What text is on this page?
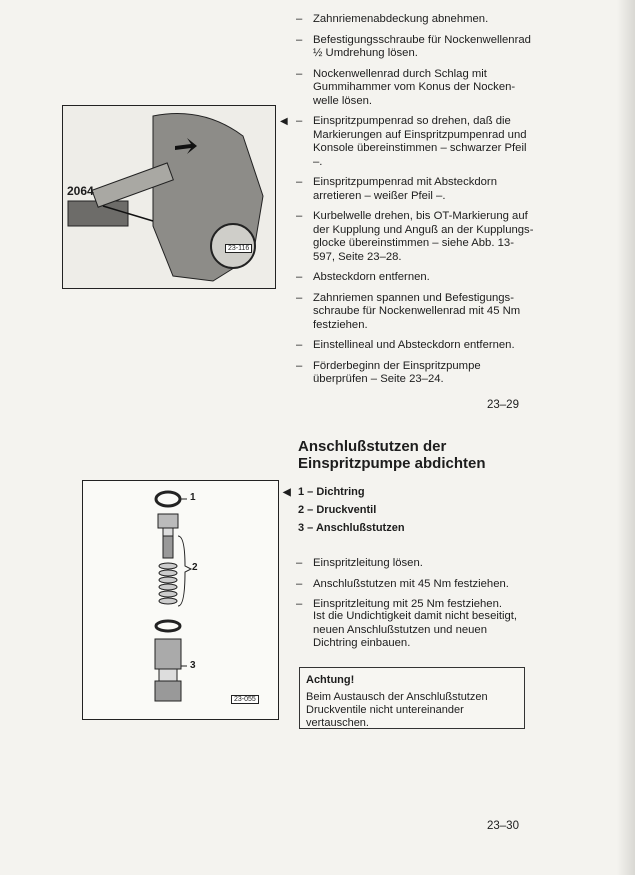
2064
23-116
– Zahnriemenabdeckung abnehmen.
– Befestigungsschraube für Nockenwellenrad ½ Umdrehung lösen.
– Nockenwellenrad durch Schlag mit Gummihammer vom Konus der Nocken-welle lösen.
◀ – Einspritzpumpenrad so drehen, daß die Markierungen auf Einspritzpumpenrad und Konsole übereinstimmen – schwarzer Pfeil –.
– Einspritzpumpenrad mit Absteckdorn arretieren – weißer Pfeil –.
– Kurbelwelle drehen, bis OT-Markierung auf der Kupplung und Anguß an der Kupplungs-glocke übereinstimmen – siehe Abb. 13-597, Seite 23–28.
– Absteckdorn entfernen.
– Zahnriemen spannen und Befestigungs-schraube für Nockenwellenrad mit 45 Nm festziehen.
– Einstellineal und Absteckdorn entfernen.
– Förderbeginn der Einspritzpumpe überprüfen – Seite 23–24.
23–29
Anschlußstutzen der Einspritzpumpe abdichten
◀ 1 – Dichtring
2 – Druckventil
3 – Anschlußstutzen
1
2
3
23-055
– Einspritzleitung lösen.
– Anschlußstutzen mit 45 Nm festziehen.
– Einspritzleitung mit 25 Nm festziehen.
Ist die Undichtigkeit damit nicht beseitigt, neuen Anschlußstutzen und neuen Dichtring einbauen.
Achtung!
Beim Austausch der Anschlußstutzen Druckventile nicht untereinander vertauschen.
23–30
